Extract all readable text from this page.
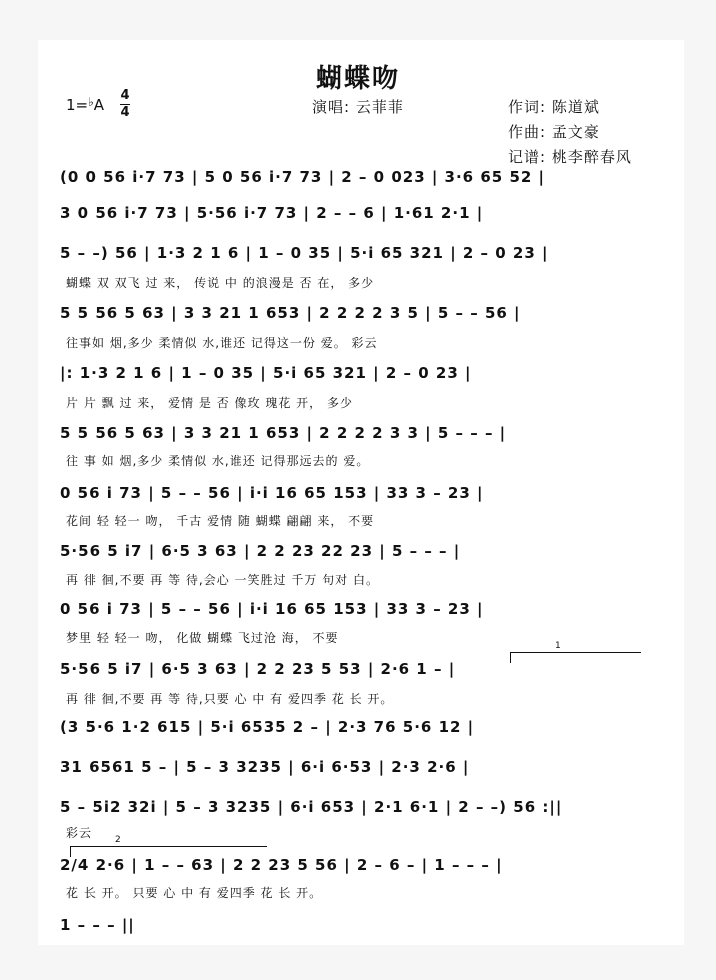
蝴蝶吻
1=♭A
4
4	演唱: 云菲菲	作词: 陈道斌
作曲: 孟文豪
记谱: 桃李醉春风
(0 0 56 i·7 73 | 5 0 56 i·7 73 | 2 – 0 023 | 3·6 65 52 |
3 0 56 i·7 73 | 5·56 i·7 73 | 2 – – 6 | 1·61 2·1 |
5 – –) 56 | 1·3 2 1 6 | 1 – 0 35 | 5·i 65 321 | 2 – 0 23 |
蝴蝶 双 双飞 过 来， 传说 中 的浪漫是 否 在， 多少
5 5 56 5 63 | 3 3 21 1 653 | 2 2 2 2 3 5 | 5 – – 56 |
往事如 烟,多少 柔情似 水,谁还 记得这一份 爱。 彩云
|: 1·3 2 1 6 | 1 – 0 35 | 5·i 65 321 | 2 – 0 23 |
片 片 飘 过 来， 爱情 是 否 像玫 瑰花 开， 多少
5 5 56 5 63 | 3 3 21 1 653 | 2 2 2 2 3 3 | 5 – – – |
往 事 如 烟,多少 柔情似 水,谁还 记得那远去的 爱。
0 56 i 73 | 5 – – 56 | i·i 16 65 153 | 33 3 – 23 |
花间 轻 轻一 吻， 千古 爱情 随 蝴蝶 翩翩 来， 不要
5·56 5 i7 | 6·5 3 63 | 2 2 23 22 23 | 5 – – – |
再 徘 徊,不要 再 等 待,会心 一笑胜过 千万 句对 白。
0 56 i 73 | 5 – – 56 | i·i 16 65 153 | 33 3 – 23 |
梦里 轻 轻一 吻， 化做 蝴蝶 飞过沧 海， 不要
1
5·56 5 i7 | 6·5 3 63 | 2 2 23 5 53 | 2·6 1 – |
再 徘 徊,不要 再 等 待,只要 心 中 有 爱四季 花 长 开。
(3 5·6 1·2 615 | 5·i 6535 2 – | 2·3 76 5·6 12 |
31 6561 5 – | 5 – 3 3235 | 6·i 6·53 | 2·3 2·6 |
5 – 5i2 32i | 5 – 3 3235 | 6·i 653 | 2·1 6·1 | 2 – –) 56 :||
彩云	2
2/4 2·6 | 1 – – 63 | 2 2 23 5 56 | 2 – 6 – | 1 – – – |
花 长 开。 只要 心 中 有 爱四季 花 长 开。
1 – – – ||
